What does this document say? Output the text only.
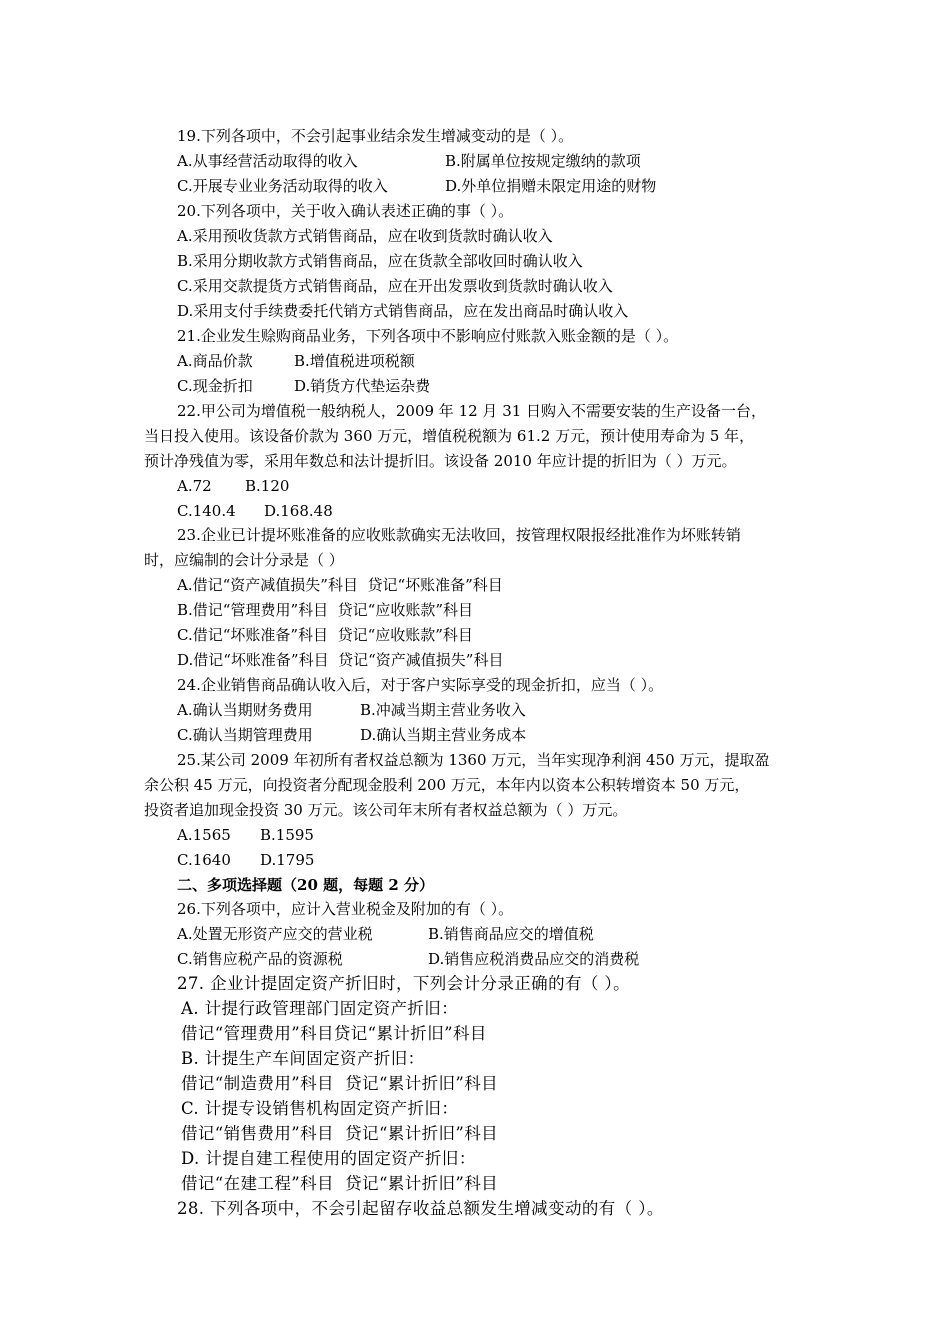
19.下列各项中，不会引起事业结余发生增减变动的是（ ）。
A.从事经营活动取得的收入	B.附属单位按规定缴纳的款项
C.开展专业业务活动取得的收入	D.外单位捐赠未限定用途的财物
20.下列各项中，关于收入确认表述正确的事（ ）。
A.采用预收货款方式销售商品，应在收到货款时确认收入
B.采用分期收款方式销售商品，应在货款全部收回时确认收入
C.采用交款提货方式销售商品，应在开出发票收到货款时确认收入
D.采用支付手续费委托代销方式销售商品，应在发出商品时确认收入
21.企业发生赊购商品业务，下列各项中不影响应付账款入账金额的是（ ）。
A.商品价款	B.增值税进项税额
C.现金折扣	D.销货方代垫运杂费
22.甲公司为增值税一般纳税人，2009 年 12 月 31 日购入不需要安装的生产设备一台，
当日投入使用。该设备价款为 360 万元，增值税税额为 61.2 万元，预计使用寿命为 5 年，
预计净残值为零，采用年数总和法计提折旧。该设备 2010 年应计提的折旧为（ ）万元。
A.72 B.120
C.140.4 D.168.48
23.企业已计提坏账准备的应收账款确实无法收回，按管理权限报经批准作为坏账转销
时，应编制的会计分录是（ ）
A.借记“资产减值损失”科目  贷记“坏账准备”科目
B.借记“管理费用”科目  贷记“应收账款”科目
C.借记“坏账准备”科目  贷记“应收账款”科目
D.借记“坏账准备”科目  贷记“资产减值损失”科目
24.企业销售商品确认收入后，对于客户实际享受的现金折扣，应当（ ）。
A.确认当期财务费用	B.冲减当期主营业务收入
C.确认当期管理费用	D.确认当期主营业务成本
25.某公司 2009 年初所有者权益总额为 1360 万元，当年实现净利润 450 万元，提取盈
余公积 45 万元，向投资者分配现金股利 200 万元，本年内以资本公积转增资本 50 万元，
投资者追加现金投资 30 万元。该公司年末所有者权益总额为（ ）万元。
A.1565 B.1595
C.1640 D.1795
二、多项选择题（20 题，每题 2 分）
26.下列各项中，应计入营业税金及附加的有（ ）。
A.处置无形资产应交的营业税	B.销售商品应交的增值税
C.销售应税产品的资源税	D.销售应税消费品应交的消费税
27. 企业计提固定资产折旧时，下列会计分录正确的有（ ）。
A. 计提行政管理部门固定资产折旧：
借记“管理费用”科目贷记“累计折旧”科目
B. 计提生产车间固定资产折旧：
借记“制造费用”科目  贷记“累计折旧”科目
C. 计提专设销售机构固定资产折旧：
借记“销售费用”科目  贷记“累计折旧”科目
D. 计提自建工程使用的固定资产折旧：
借记“在建工程”科目  贷记“累计折旧”科目
28. 下列各项中，不会引起留存收益总额发生增减变动的有（ ）。
